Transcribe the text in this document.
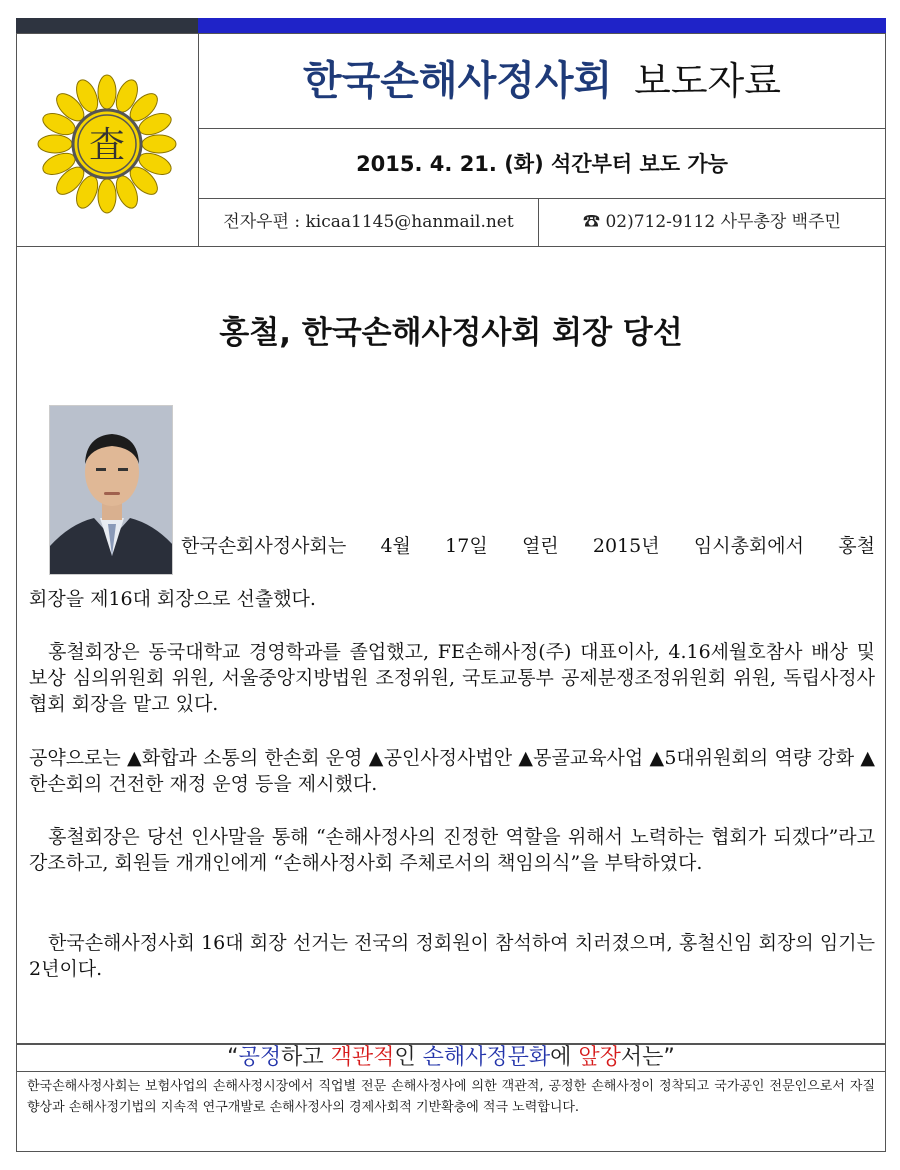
査
한국손해사정사회 보도자료
2015. 4. 21. (화) 석간부터 보도 가능
전자우편 : kicaa1145@hanmail.net	☎ 02)712-9112 사무총장 백주민
홍철, 한국손해사정사회 회장 당선

한국손회사정사회는 4월 17일 열린 2015년 임시총회에서 홍철

회장을 제16대 회장으로 선출했다.

홍철회장은 동국대학교 경영학과를 졸업했고, FE손해사정(주) 대표이사, 4.16세월호참사 배상 및 보상 심의위원회 위원, 서울중앙지방법원 조정위원, 국토교통부 공제분쟁조정위원회 위원, 독립사정사협회 회장을 맡고 있다.

공약으로는 ▲화합과 소통의 한손회 운영 ▲공인사정사법안 ▲몽골교육사업 ▲5대위원회의 역량 강화 ▲한손회의 건전한 재정 운영 등을 제시했다.

홍철회장은 당선 인사말을 통해 “손해사정사의 진정한 역할을 위해서 노력하는 협회가 되겠다”라고 강조하고, 회원들 개개인에게 “손해사정사회 주체로서의 책임의식”을 부탁하였다.

한국손해사정사회 16대 회장 선거는 전국의 정회원이 참석하여 치러졌으며, 홍철신임 회장의 임기는 2년이다.

“공정하고 객관적인 손해사정문화에 앞장서는”
한국손해사정사회는 보험사업의 손해사정시장에서 직업별 전문 손해사정사에 의한 객관적, 공정한 손해사정이 정착되고 국가공인 전문인으로서 자질향상과 손해사정기법의 지속적 연구개발로 손해사정사의 경제사회적 기반확충에 적극 노력합니다.
